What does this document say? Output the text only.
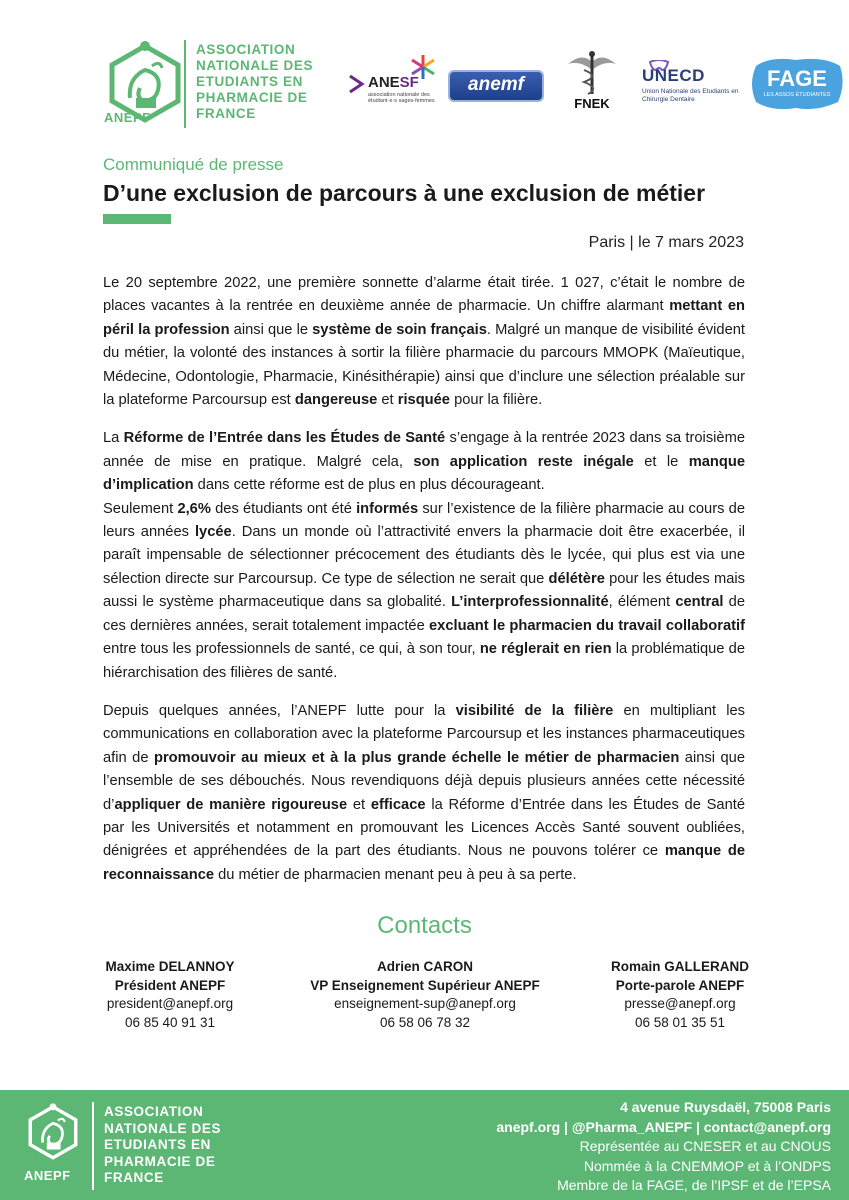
ANEPF
ASSOCIATION
NATIONALE DES
ETUDIANTS EN
PHARMACIE DE
FRANCE
ANESF
association nationale des étudiant·e·s sages-femmes
anemf
FNEK
UNECD
Union Nationale des Etudiants en Chirurgie Dentaire
FAGE
LES ASSOS ÉTUDIANTES
Communiqué de presse
D’une exclusion de parcours à une exclusion de métier
Paris | le 7 mars 2023

Le 20 septembre 2022, une première sonnette d’alarme était tirée. 1 027, c’était le nombre de places vacantes à la rentrée en deuxième année de pharmacie. Un chiffre alarmant mettant en péril la profession ainsi que le système de soin français. Malgré un manque de visibilité évident du métier, la volonté des instances à sortir la filière pharmacie du parcours MMOPK (Maïeutique, Médecine, Odontologie, Pharmacie, Kinésithérapie) ainsi que d’inclure une sélection préalable sur la plateforme Parcoursup est dangereuse et risquée pour la filière.

La Réforme de l’Entrée dans les Études de Santé s’engage à la rentrée 2023 dans sa troisième année de mise en pratique. Malgré cela, son application reste inégale et le manque d’implication dans cette réforme est de plus en plus décourageant.

Seulement 2,6% des étudiants ont été informés sur l’existence de la filière pharmacie au cours de leurs années lycée. Dans un monde où l’attractivité envers la pharmacie doit être exacerbée, il paraît impensable de sélectionner précocement des étudiants dès le lycée, qui plus est via une sélection directe sur Parcoursup. Ce type de sélection ne serait que délétère pour les études mais aussi le système pharmaceutique dans sa globalité. L’interprofessionnalité, élément central de ces dernières années, serait totalement impactée excluant le pharmacien du travail collaboratif entre tous les professionnels de santé, ce qui, à son tour, ne réglerait en rien la problématique de hiérarchisation des filières de santé.

Depuis quelques années, l’ANEPF lutte pour la visibilité de la filière en multipliant les communications en collaboration avec la plateforme Parcoursup et les instances pharmaceutiques afin de promouvoir au mieux et à la plus grande échelle le métier de pharmacien ainsi que l’ensemble de ses débouchés. Nous revendiquons déjà depuis plusieurs années cette nécessité d’appliquer de manière rigoureuse et efficace la Réforme d’Entrée dans les Études de Santé par les Universités et notamment en promouvant les Licences Accès Santé souvent oubliées, dénigrées et appréhendées de la part des étudiants. Nous ne pouvons tolérer ce manque de reconnaissance du métier de pharmacien menant peu à peu à sa perte.

Contacts
Maxime DELANNOY
Président ANEPF
president@anepf.org
06 85 40 91 31
Adrien CARON
VP Enseignement Supérieur ANEPF
enseignement-sup@anepf.org
06 58 06 78 32
Romain GALLERAND
Porte-parole ANEPF
presse@anepf.org
06 58 01 35 51
ANEPF
ASSOCIATION
NATIONALE DES
ETUDIANTS EN
PHARMACIE DE
FRANCE
4 avenue Ruysdaël, 75008 Paris
anepf.org | @Pharma_ANEPF | contact@anepf.org
Représentée au CNESER et au CNOUS
Nommée à la CNEMMOP et à l’ONDPS
Membre de la FAGE, de l’IPSF et de l’EPSA
